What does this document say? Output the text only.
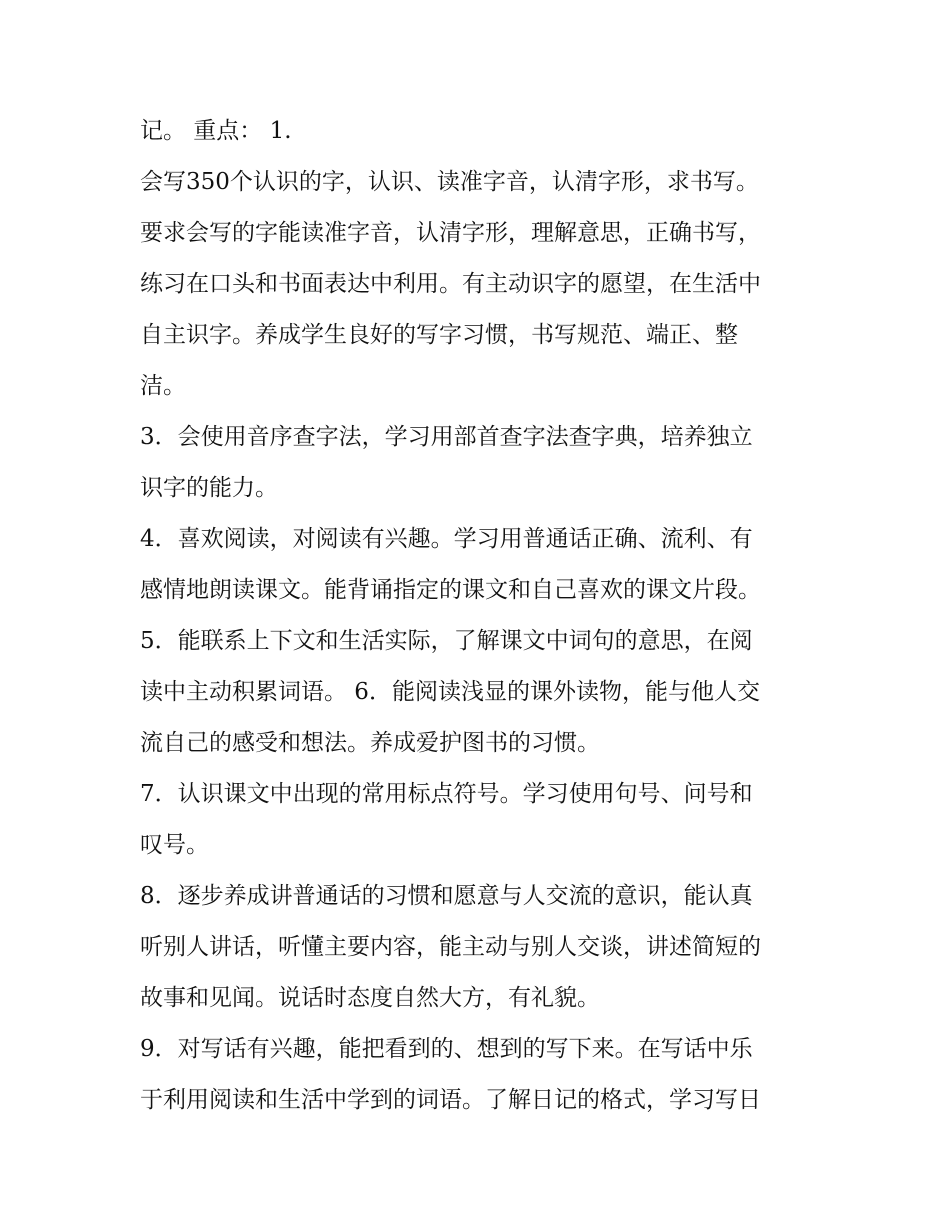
记。 重点： 1.
会写350个认识的字，认识、读准字音，认清字形，求书写。
要求会写的字能读准字音，认清字形，理解意思，正确书写，
练习在口头和书面表达中利用。有主动识字的愿望，在生活中
自主识字。养成学生良好的写字习惯，书写规范、端正、整
洁。
3．会使用音序查字法，学习用部首查字法查字典，培养独立
识字的能力。
4．喜欢阅读，对阅读有兴趣。学习用普通话正确、流利、有
感情地朗读课文。能背诵指定的课文和自己喜欢的课文片段。
5．能联系上下文和生活实际，了解课文中词句的意思，在阅
读中主动积累词语。 6．能阅读浅显的课外读物，能与他人交
流自己的感受和想法。养成爱护图书的习惯。
7．认识课文中出现的常用标点符号。学习使用句号、问号和
叹号。
8．逐步养成讲普通话的习惯和愿意与人交流的意识，能认真
听别人讲话，听懂主要内容，能主动与别人交谈，讲述简短的
故事和见闻。说话时态度自然大方，有礼貌。
9．对写话有兴趣，能把看到的、想到的写下来。在写话中乐
于利用阅读和生活中学到的词语。了解日记的格式，学习写日
